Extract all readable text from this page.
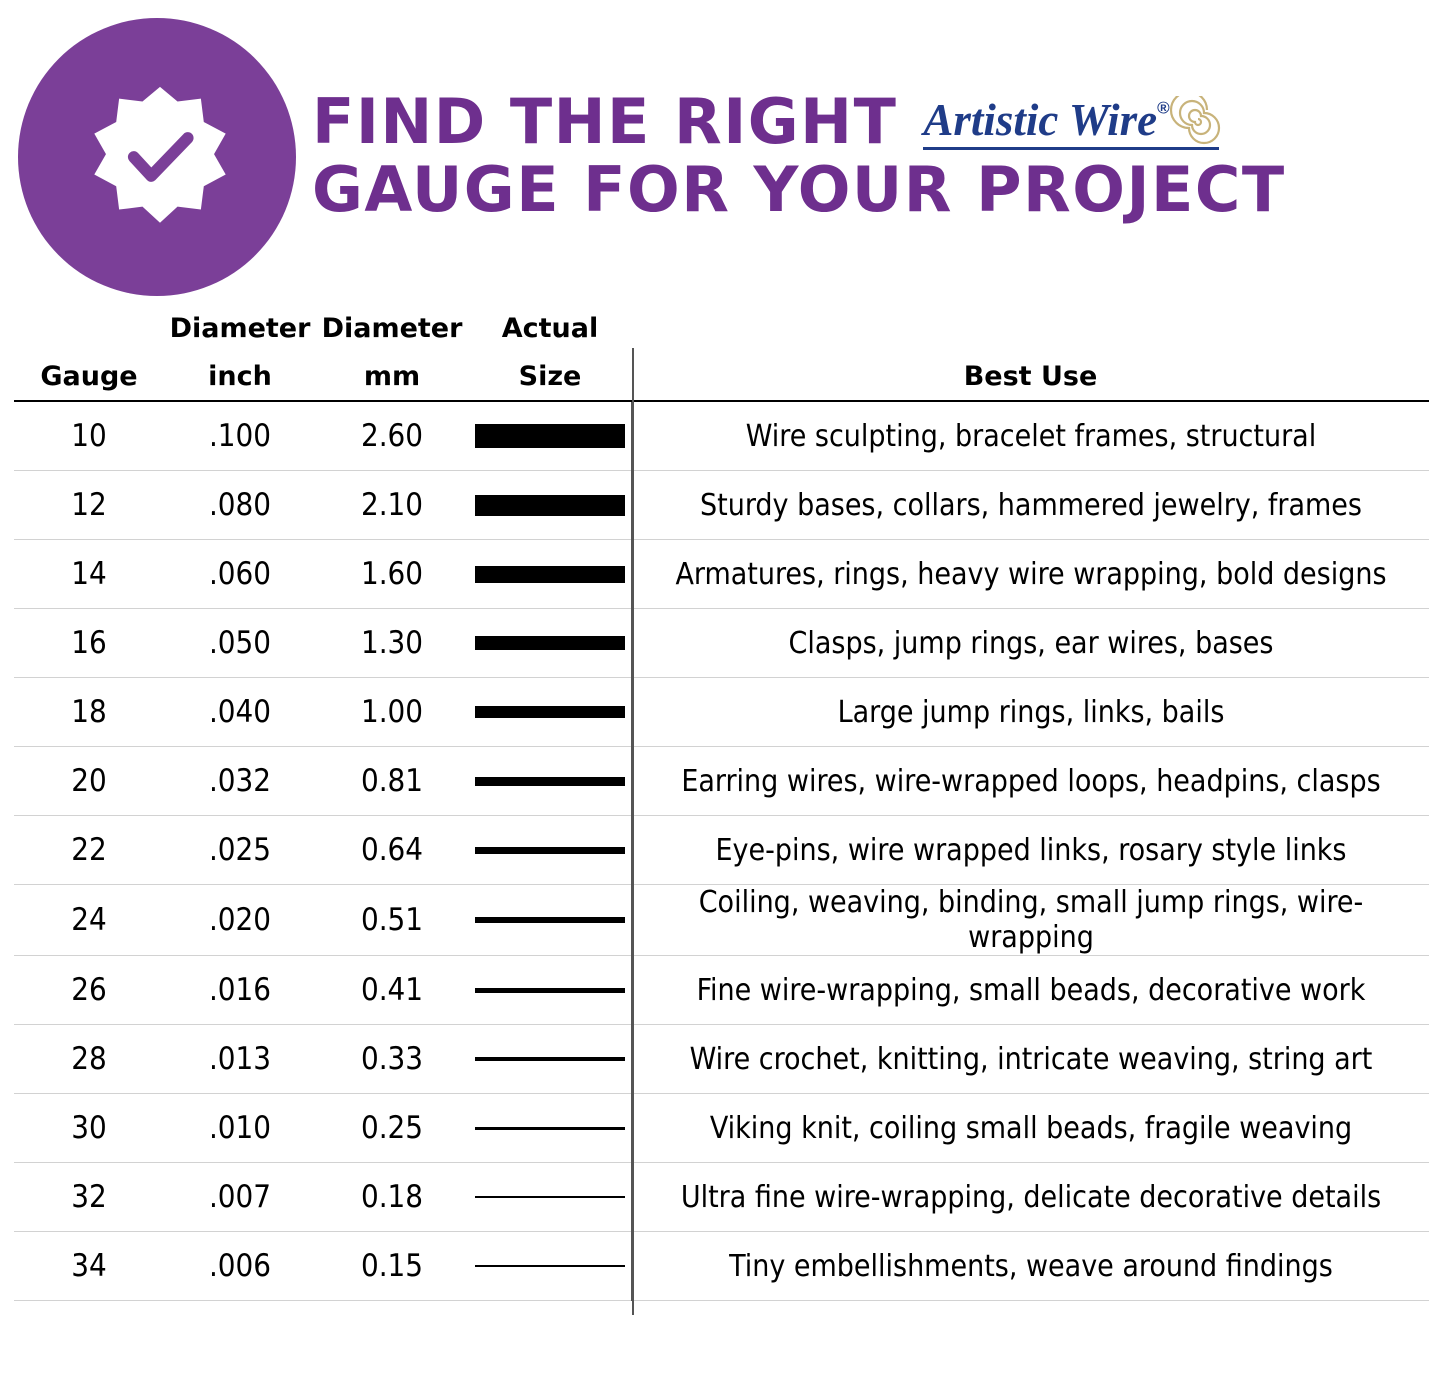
FIND THE RIGHT Artistic Wire®
GAUGE FOR YOUR PROJECT
	Diameter	Diameter	Actual	
Gauge	inch	mm	Size	Best Use
10	.100	2.60		Wire sculpting, bracelet frames, structural
12	.080	2.10		Sturdy bases, collars, hammered jewelry, frames
14	.060	1.60		Armatures, rings, heavy wire wrapping, bold designs
16	.050	1.30		Clasps, jump rings, ear wires, bases
18	.040	1.00		Large jump rings, links, bails
20	.032	0.81		Earring wires, wire-wrapped loops, headpins, clasps
22	.025	0.64		Eye-pins, wire wrapped links, rosary style links
24	.020	0.51		Coiling, weaving, binding, small jump rings, wire-wrapping
26	.016	0.41		Fine wire-wrapping, small beads, decorative work
28	.013	0.33		Wire crochet, knitting, intricate weaving, string art
30	.010	0.25		Viking knit, coiling small beads, fragile weaving
32	.007	0.18		Ultra fine wire-wrapping, delicate decorative details
34	.006	0.15		Tiny embellishments, weave around findings
